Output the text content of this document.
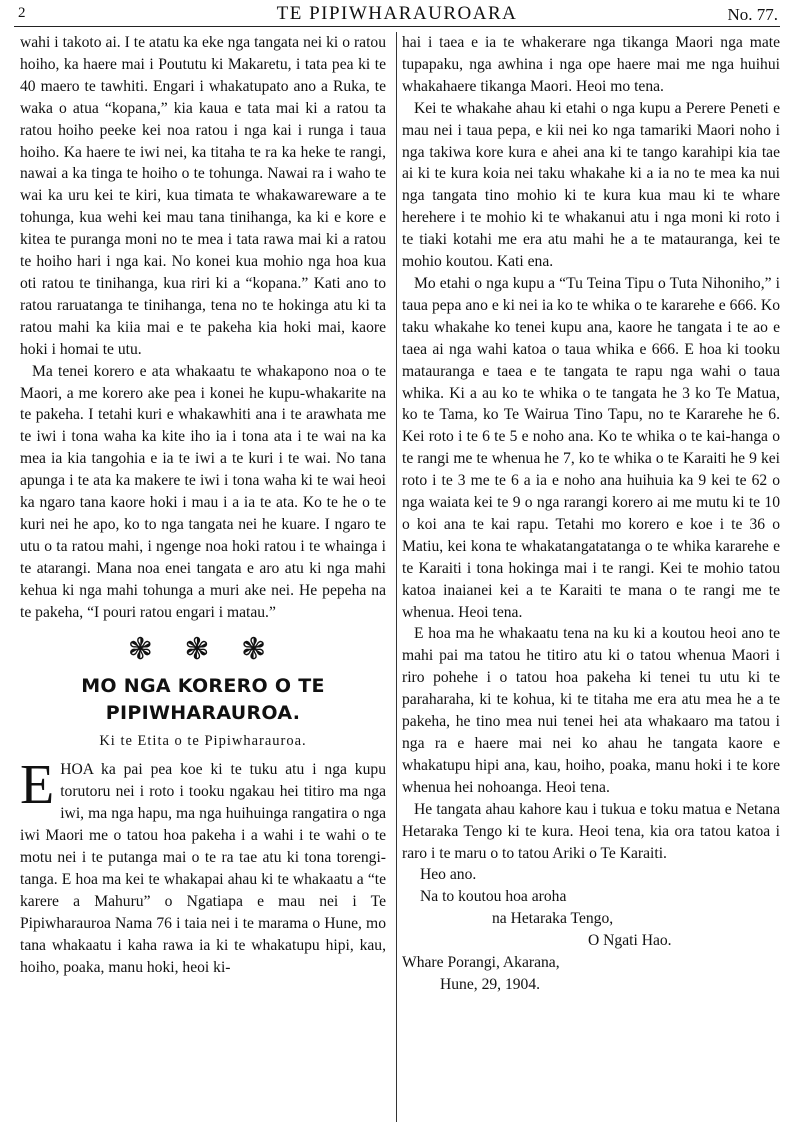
2	TE PIPIWHARAUROARA	No. 77.

wahi i takoto ai. I te atatu ka eke nga tangata nei ki o ratou hoiho, ka haere mai i Poututu ki Makaretu, i tata pea ki te 40 maero te tawhiti. Engari i whakatupato ano a Ruka, te waka o atua “kopana,” kia kaua e tata mai ki a ratou ta ratou hoiho peeke kei noa ratou i nga kai i runga i taua hoiho. Ka haere te iwi nei, ka titaha te ra ka heke te rangi, nawai a ka tinga te hoiho o te tohunga. Nawai ra i waho te wai ka uru kei te kiri, kua timata te whakawareware a te tohunga, kua wehi kei mau tana tinihanga, ka ki e kore e kitea te puranga moni no te mea i tata rawa mai ki a ratou te hoiho hari i nga kai. No konei kua mohio nga hoa kua oti ratou te tinihanga, kua riri ki a “kopana.” Kati ano to ratou raruatanga te tinihanga, tena no te hokinga atu ki ta ratou mahi ka kiia mai e te pakeha kia hoki mai, kaore hoki i homai te utu.

Ma tenei korero e ata whakaatu te whakapono noa o te Maori, a me korero ake pea i konei he kupu-whakarite na te pakeha. I tetahi kuri e whakawhiti ana i te arawhata me te iwi i tona waha ka kite iho ia i tona ata i te wai na ka mea ia kia tangohia e ia te iwi a te kuri i te wai. No tana apunga i te ata ka makere te iwi i tona waha ki te wai heoi ka ngaro tana kaore hoki i mau i a ia te ata. Ko te he o te kuri nei he apo, ko to nga tangata nei he kuare. I ngaro te utu o ta ratou mahi, i ngenge noa hoki ratou i te whainga i te atarangi. Mana noa enei tangata e aro atu ki nga mahi kehua ki nga mahi tohunga a muri ake nei. He pepeha na te pakeha, “I pouri ratou engari i matau.”

❃ ❃ ❃
MO NGA KORERO O TE PIPIWHARAUROA.
Ki te Etita o te Pipiwharauroa.

EHOA ka pai pea koe ki te tuku atu i nga kupu torutoru nei i roto i tooku ngakau hei titiro ma nga iwi, ma nga hapu, ma nga huihuinga rangatira o nga iwi Maori me o tatou hoa pakeha i a wahi i te wahi o te motu nei i te putanga mai o te ra tae atu ki tona torengi-tanga. E hoa ma kei te whakapai ahau ki te whakaatu a “te karere a Mahuru” o Ngatiapa e mau nei i Te Pipiwharauroa Nama 76 i taia nei i te marama o Hune, mo tana whakaatu i kaha rawa ia ki te whakatupu hipi, kau, hoiho, poaka, manu hoki, heoi ki-

hai i taea e ia te whakerare nga tikanga Maori nga mate tupapaku, nga awhina i nga ope haere mai me nga huihui whakahaere tikanga Maori. Heoi mo tena.

Kei te whakahe ahau ki etahi o nga kupu a Perere Peneti e mau nei i taua pepa, e kii nei ko nga tamariki Maori noho i nga takiwa kore kura e ahei ana ki te tango karahipi kia tae ai ki te kura koia nei taku whakahe ki a ia no te mea ka nui nga tangata tino mohio ki te kura kua mau ki te whare herehere i te mohio ki te whakanui atu i nga moni ki roto i te tiaki kotahi me era atu mahi he a te matauranga, kei te mohio koutou. Kati ena.

Mo etahi o nga kupu a “Tu Teina Tipu o Tuta Nihoniho,” i taua pepa ano e ki nei ia ko te whika o te kararehe e 666. Ko taku whakahe ko tenei kupu ana, kaore he tangata i te ao e taea ai nga wahi katoa o taua whika e 666. E hoa ki tooku matauranga e taea e te tangata te rapu nga wahi o taua whika. Ki a au ko te whika o te tangata he 3 ko Te Matua, ko te Tama, ko Te Wairua Tino Tapu, no te Kararehe he 6. Kei roto i te 6 te 5 e noho ana. Ko te whika o te kai-hanga o te rangi me te whenua he 7, ko te whika o te Karaiti he 9 kei roto i te 3 me te 6 a ia e noho ana huihuia ka 9 kei te 62 o nga waiata kei te 9 o nga rarangi korero ai me mutu ki te 10 o koi ana te kai rapu. Tetahi mo korero e koe i te 36 o Matiu, kei kona te whakatangatatanga o te whika kararehe e te Karaiti i tona hokinga mai i te rangi. Kei te mohio tatou katoa inaianei kei a te Karaiti te mana o te rangi me te whenua. Heoi tena.

E hoa ma he whakaatu tena na ku ki a koutou heoi ano te mahi pai ma tatou he titiro atu ki o tatou whenua Maori i riro pohehe i o tatou hoa pakeha ki tenei tu utu ki te paraharaha, ki te kohua, ki te titaha me era atu mea he a te pakeha, he tino mea nui tenei hei ata whakaaro ma tatou i nga ra e haere mai nei ko ahau he tangata kaore e whakatupu hipi ana, kau, hoiho, poaka, manu hoki i te kore whenua hei nohoanga. Heoi tena.

He tangata ahau kahore kau i tukua e toku matua e Netana Hetaraka Tengo ki te kura. Heoi tena, kia ora tatou katoa i raro i te maru o to tatou Ariki o Te Karaiti.

Heo ano.

Na to koutou hoa aroha

na Hetaraka Tengo,

O Ngati Hao.

Whare Porangi, Akarana,

Hune, 29, 1904.
